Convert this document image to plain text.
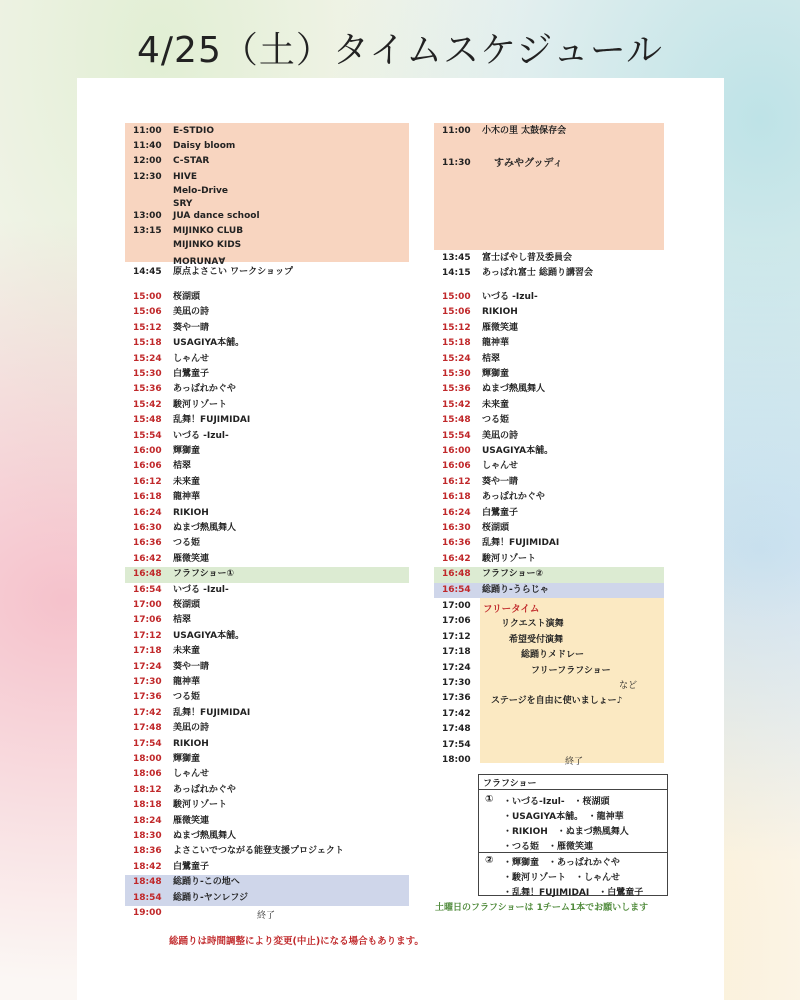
4/25（土）タイムスケジュール
11:00	E-STDIO
11:40	Daisy bloom
12:00	C-STAR
12:30	HIVE
Melo-Drive
SRY
13:00	JUA dance school
13:15	MIJINKO CLUB
MIJINKO KIDS
MORUNA∀
14:45	原点よさこい ワークショップ
15:00	桜湖頭
15:06	美凪の詩
15:12	葵や一睛
15:18	USAGIYA本舗。
15:24	しゃんせ
15:30	白鷺童子
15:36	あっぱれかぐや
15:42	駿河リゾート
15:48	乱舞！FUJIMIDAI
15:54	いづる -Izul-
16:00	輝獅童
16:06	桔翠
16:12	未来童
16:18	龍神華
16:24	RIKIOH
16:30	ぬまづ熱風舞人
16:36	つる姫
16:42	雁微笑連
16:48	フラフショー①
16:54	いづる -Izul-
17:00	桜湖頭
17:06	桔翠
17:12	USAGIYA本舗。
17:18	未来童
17:24	葵や一睛
17:30	龍神華
17:36	つる姫
17:42	乱舞！FUJIMIDAI
17:48	美凪の詩
17:54	RIKIOH
18:00	輝獅童
18:06	しゃんせ
18:12	あっぱれかぐや
18:18	駿河リゾート
18:24	雁微笑連
18:30	ぬまづ熱風舞人
18:36	よさこいでつながる能登支援プロジェクト
18:42	白鷺童子
18:48	総踊り-この地へ
18:54	総踊り-ヤンレフジ
19:00	終了
11:00	小木の里 太鼓保存会
11:30	すみやグッディ
13:45	富士ばやし普及委員会
14:15	あっぱれ富士 総踊り講習会
15:00	いづる -Izul-
15:06	RIKIOH
15:12	雁微笑連
15:18	龍神華
15:24	桔翠
15:30	輝獅童
15:36	ぬまづ熱風舞人
15:42	未来童
15:48	つる姫
15:54	美凪の詩
16:00	USAGIYA本舗。
16:06	しゃんせ
16:12	葵や一睛
16:18	あっぱれかぐや
16:24	白鷺童子
16:30	桜湖頭
16:36	乱舞！FUJIMIDAI
16:42	駿河リゾート
16:48	フラフショー②
16:54	総踊り-うらじゃ
17:00
17:06
17:12
17:18
17:24
17:30
17:36
17:42
17:48
17:54
18:00
フリータイム
リクエスト演舞
希望受付演舞
総踊りメドレー
フリーフラフショー
など
ステージを自由に使いましょー♪
終了
フラフショー
① ・いづる-Izul-　・桜湖頭
・USAGIYA本舗。　・龍神華
・RIKIOH　・ぬまづ熱風舞人
・つる姫　・雁微笑連
② ・輝獅童　・あっぱれかぐや
・駿河リゾート　・しゃんせ
・乱舞！FUJIMIDAI　・白鷺童子
土曜日のフラフショーは 1チーム1本でお願いします
総踊りは時間調整により変更(中止)になる場合もあります。
